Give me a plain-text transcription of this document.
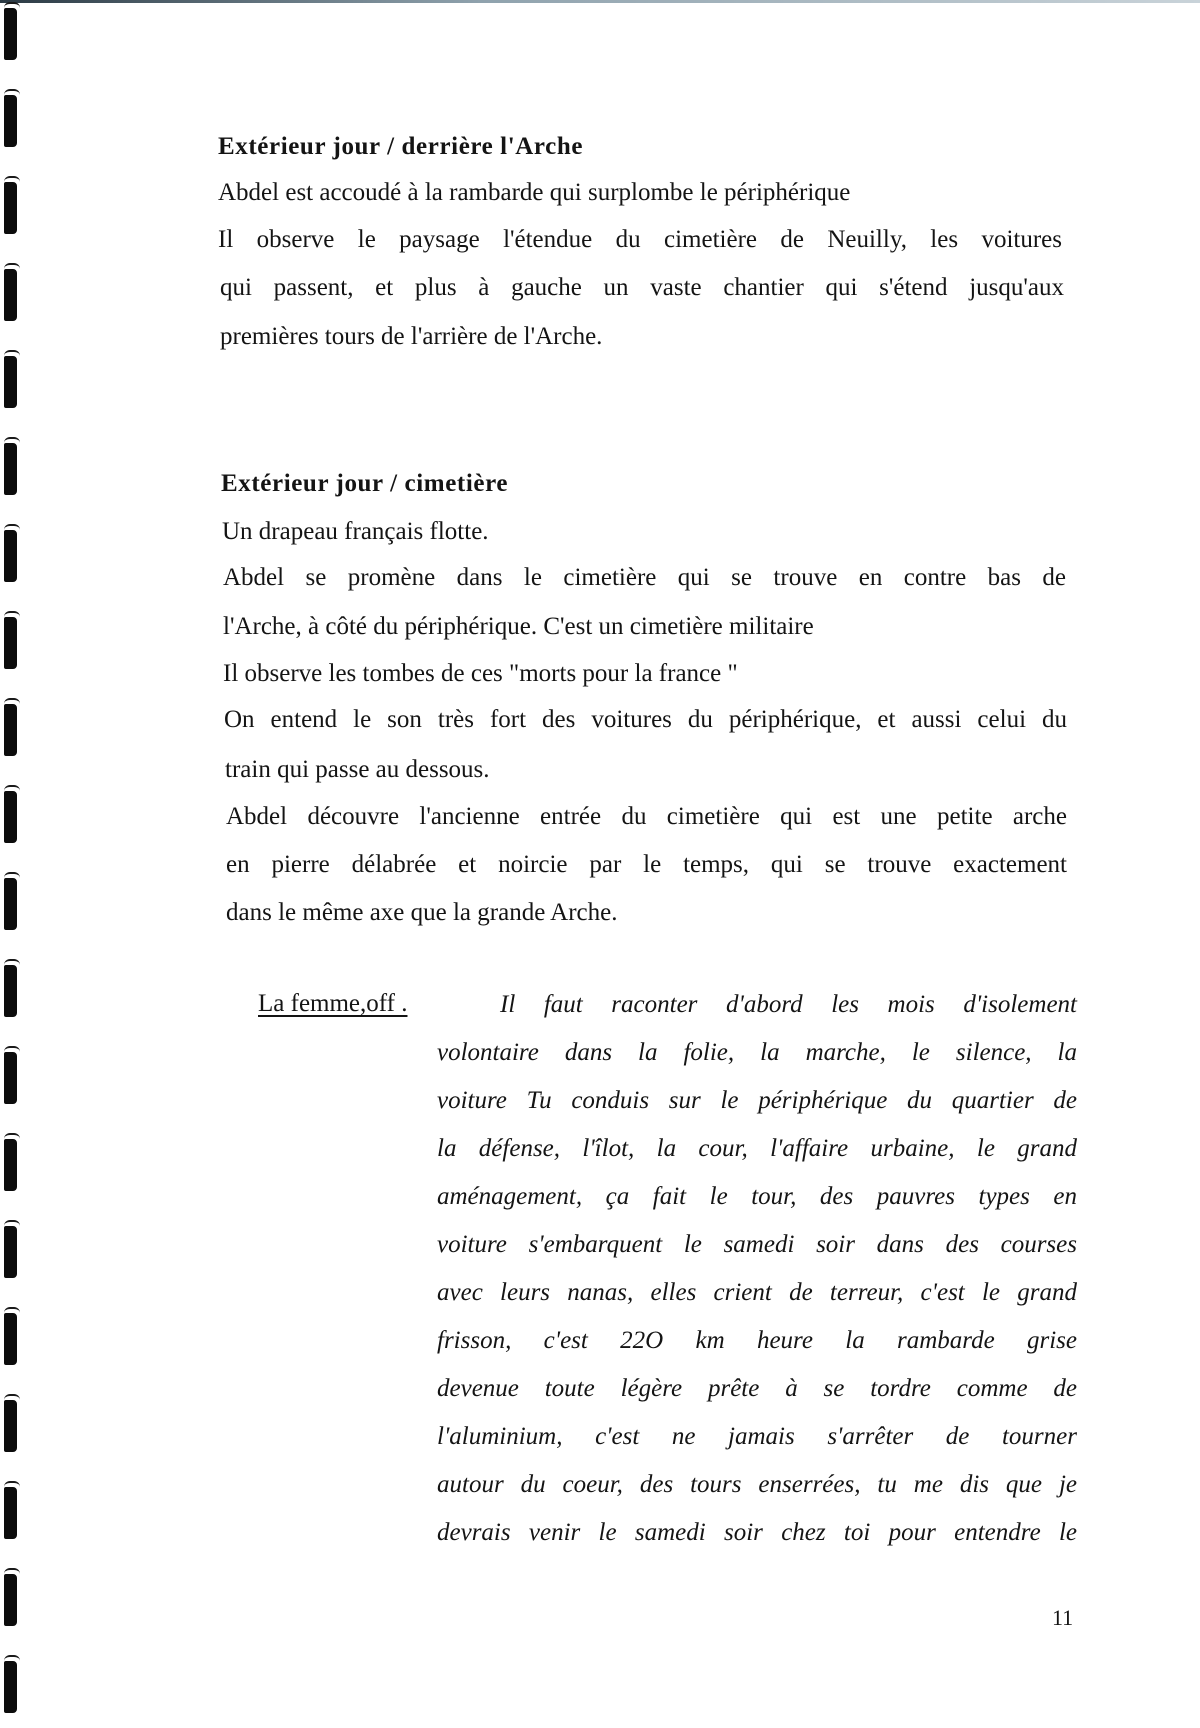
Extérieur jour / derrière l'Arche

Abdel est accoudé à la rambarde qui surplombe le périphérique

Il observe le paysage l'étendue du cimetière de Neuilly, les voitures

qui passent, et plus à gauche un vaste chantier qui s'étend jusqu'aux

premières tours de l'arrière de l'Arche.

Extérieur jour / cimetière

Un drapeau français flotte.

Abdel se promène dans le cimetière qui se trouve en contre bas de

l'Arche, à côté du périphérique. C'est un cimetière militaire

Il observe les tombes de ces "morts pour la france "

On entend le son très fort des voitures du périphérique, et aussi celui du

train qui passe au dessous.

Abdel découvre l'ancienne entrée du cimetière qui est une petite arche

en pierre délabrée et noircie par le temps, qui se trouve exactement

dans le même axe que la grande Arche.

La femme,off .	Il faut raconter d'abord les mois d'isolement

volontaire dans la folie, la marche, le silence, la

voiture Tu conduis sur le périphérique du quartier de

la défense, l'îlot, la cour, l'affaire urbaine, le grand

aménagement, ça fait le tour, des pauvres types en

voiture s'embarquent le samedi soir dans des courses

avec leurs nanas, elles crient de terreur, c'est le grand

frisson, c'est 22O km heure la rambarde grise

devenue toute légère prête à se tordre comme de

l'aluminium, c'est ne jamais s'arrêter de tourner

autour du coeur, des tours enserrées, tu me dis que je

devrais venir le samedi soir chez toi pour entendre le

11
